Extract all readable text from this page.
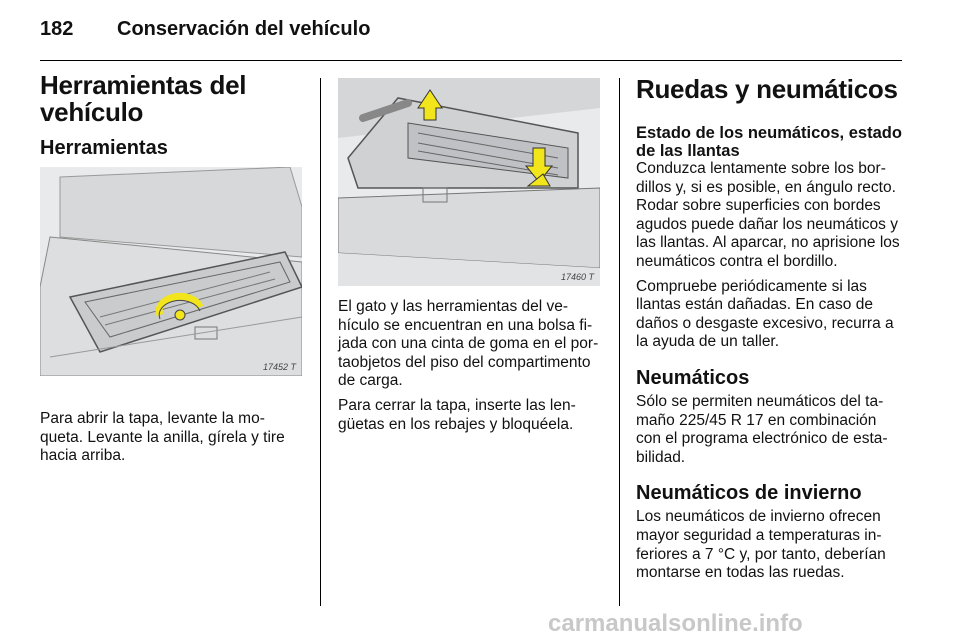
182 Conservación del vehículo
Herramientas del vehículo
Herramientas
17452 T

Para abrir la tapa, levante la mo-queta. Levante la anilla, gírela y tire hacia arriba.

17460 T

El gato y las herramientas del ve-hículo se encuentran en una bolsa fi-jada con una cinta de goma en el por-taobjetos del piso del compartimento de carga.

Para cerrar la tapa, inserte las len-güetas en los rebajes y bloquéela.

Ruedas y neumáticos
Estado de los neumáticos, estado de las llantas

Conduzca lentamente sobre los bor-dillos y, si es posible, en ángulo recto. Rodar sobre superficies con bordes agudos puede dañar los neumáticos y las llantas. Al aparcar, no aprisione los neumáticos contra el bordillo.

Compruebe periódicamente si las llantas están dañadas. En caso de daños o desgaste excesivo, recurra a la ayuda de un taller.

Neumáticos

Sólo se permiten neumáticos del ta-maño 225/45 R 17 en combinación con el programa electrónico de esta-bilidad.

Neumáticos de invierno

Los neumáticos de invierno ofrecen mayor seguridad a temperaturas in-feriores a 7 °C y, por tanto, deberían montarse en todas las ruedas.

carmanualsonline.info
